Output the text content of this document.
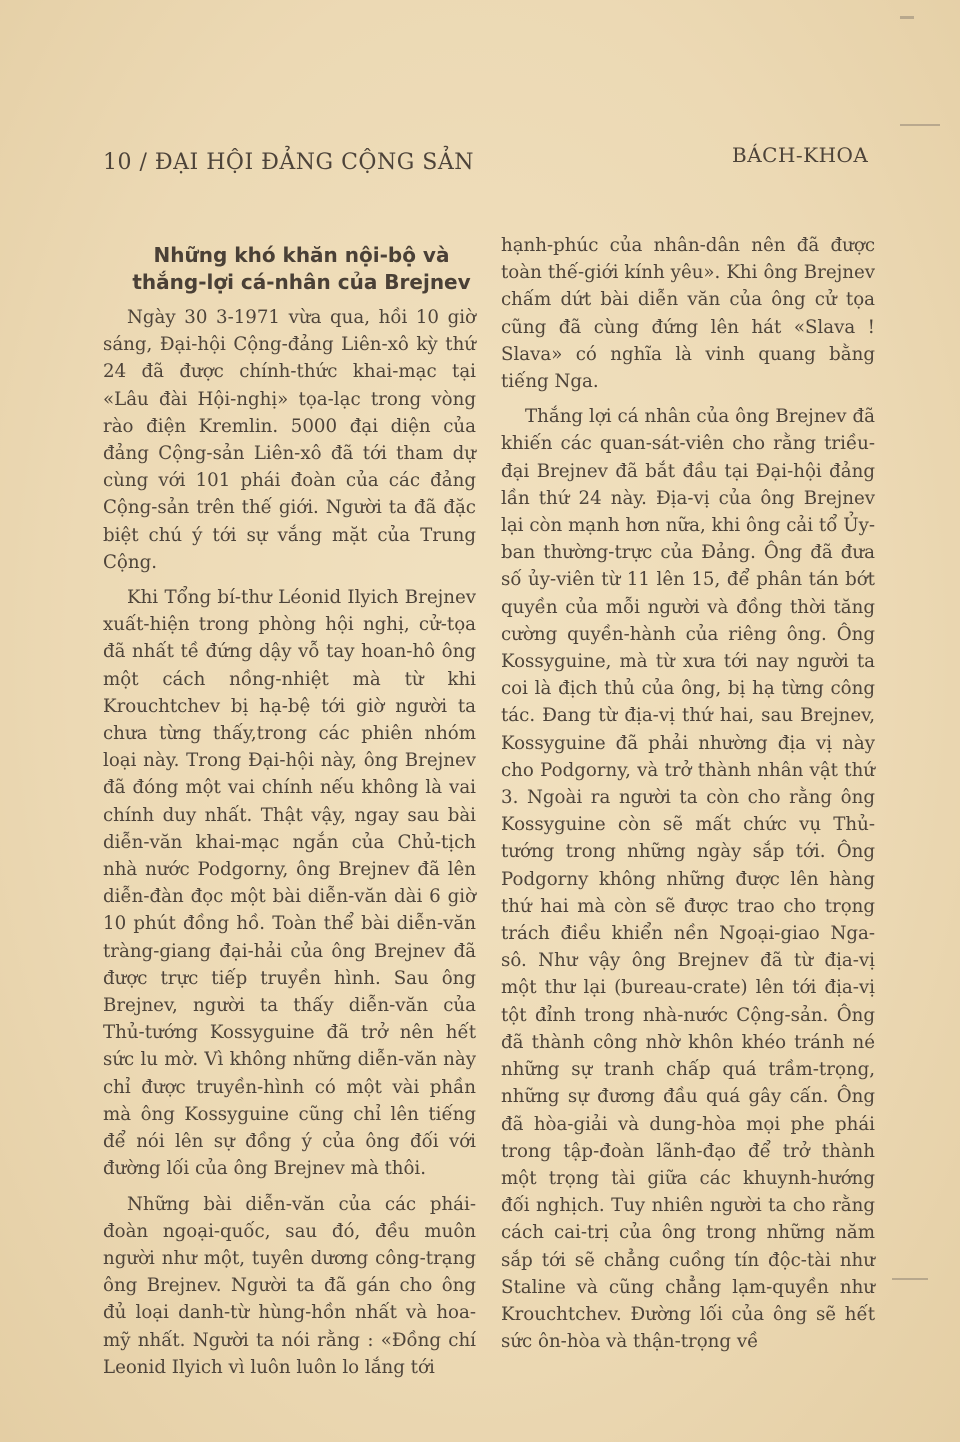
10 / ĐẠI HỘI ĐẢNG CỘNG SẢN	BÁCH-KHOA
Những khó khăn nội-bộ và
thắng-lợi cá-nhân của Brejnev

Ngày 30 3-1971 vừa qua, hồi 10 giờ sáng, Đại-hội Cộng-đảng Liên-xô kỳ thứ 24 đã được chính-thức khai-mạc tại «Lâu đài Hội-nghị» tọa-lạc trong vòng rào điện Kremlin. 5000 đại diện của đảng Cộng-sản Liên-xô đã tới tham dự cùng với 101 phái đoàn của các đảng Cộng-sản trên thế giới. Người ta đã đặc biệt chú ý tới sự vắng mặt của Trung Cộng.

Khi Tổng bí-thư Léonid Ilyich Brejnev xuất-hiện trong phòng hội nghị, cử-tọa đã nhất tề đứng dậy vỗ tay hoan-hô ông một cách nồng-nhiệt mà từ khi Krouchtchev bị hạ-bệ tới giờ người ta chưa từng thấy,trong các phiên nhóm loại này. Trong Đại-hội này, ông Brejnev đã đóng một vai chính nếu không là vai chính duy nhất. Thật vậy, ngay sau bài diễn-văn khai-mạc ngắn của Chủ-tịch nhà nước Podgorny, ông Brejnev đã lên diễn-đàn đọc một bài diễn-văn dài 6 giờ 10 phút đồng hồ. Toàn thể bài diễn-văn tràng-giang đại-hải của ông Brejnev đã được trực tiếp truyền hình. Sau ông Brejnev, người ta thấy diễn-văn của Thủ-tướng Kossyguine đã trở nên hết sức lu mờ. Vì không những diễn-văn này chỉ được truyền-hình có một vài phần mà ông Kossyguine cũng chỉ lên tiếng để nói lên sự đồng ý của ông đối với đường lối của ông Brejnev mà thôi.

Những bài diễn-văn của các phái-đoàn ngoại-quốc, sau đó, đều muôn người như một, tuyên dương công-trạng ông Brejnev. Người ta đã gán cho ông đủ loại danh-từ hùng-hồn nhất và hoa-mỹ nhất. Người ta nói rằng : «Đồng chí Leonid Ilyich vì luôn luôn lo lắng tới

hạnh-phúc của nhân-dân nên đã được toàn thế-giới kính yêu». Khi ông Brejnev chấm dứt bài diễn văn của ông cử tọa cũng đã cùng đứng lên hát «Slava ! Slava» có nghĩa là vinh quang bằng tiếng Nga.

Thắng lợi cá nhân của ông Brejnev đã khiến các quan-sát-viên cho rằng triều-đại Brejnev đã bắt đầu tại Đại-hội đảng lần thứ 24 này. Địa-vị của ông Brejnev lại còn mạnh hơn nữa, khi ông cải tổ Ủy-ban thường-trực của Đảng. Ông đã đưa số ủy-viên từ 11 lên 15, để phân tán bớt quyền của mỗi người và đồng thời tăng cường quyền-hành của riêng ông. Ông Kossyguine, mà từ xưa tới nay người ta coi là địch thủ của ông, bị hạ từng công tác. Đang từ địa-vị thứ hai, sau Brejnev, Kossyguine đã phải nhường địa vị này cho Podgorny, và trở thành nhân vật thứ 3. Ngoài ra người ta còn cho rằng ông Kossyguine còn sẽ mất chức vụ Thủ-tướng trong những ngày sắp tới. Ông Podgorny không những được lên hàng thứ hai mà còn sẽ được trao cho trọng trách điều khiển nền Ngoại-giao Nga-sô. Như vậy ông Brejnev đã từ địa-vị một thư lại (bureau-crate) lên tới địa-vị tột đỉnh trong nhà-nước Cộng-sản. Ông đã thành công nhờ khôn khéo tránh né những sự tranh chấp quá trầm-trọng, những sự đương đầu quá gây cấn. Ông đã hòa-giải và dung-hòa mọi phe phái trong tập-đoàn lãnh-đạo để trở thành một trọng tài giữa các khuynh-hướng đối nghịch. Tuy nhiên người ta cho rằng cách cai-trị của ông trong những năm sắp tới sẽ chẳng cuồng tín độc-tài như Staline và cũng chẳng lạm-quyền như Krouchtchev. Đường lối của ông sẽ hết sức ôn-hòa và thận-trọng về
